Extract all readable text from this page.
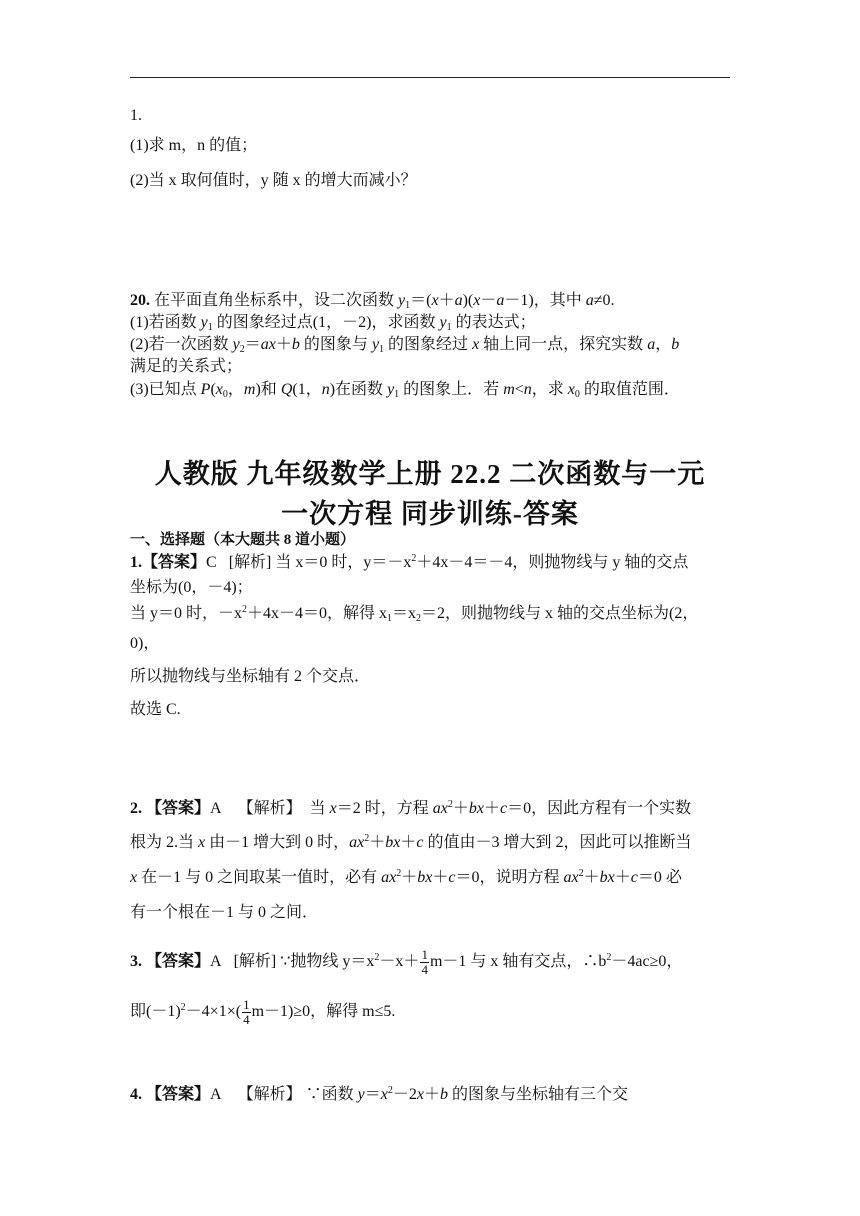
1.
(1)求 m，n 的值；
(2)当 x 取何值时，y 随 x 的增大而减小？
20. 在平面直角坐标系中，设二次函数 $y_1=(x+a)(x-a-1)$，其中 a≠0.
(1)若函数 $y_1$ 的图象经过点(1，－2)，求函数 $y_1$ 的表达式；
(2)若一次函数 $y_2=ax+b$ 的图象与 $y_1$ 的图象经过 x 轴上同一点，探究实数 a，b
满足的关系式；
(3)已知点 $P(x_0$，m)和 Q(1，n)在函数 $y_1$ 的图象上．若 m<n，求 $x_0$ 的取值范围．
人教版 九年级数学上册 22.2 二次函数与一元
一次方程 同步训练-答案
一、选择题（本大题共 8 道小题）
1.【答案】C   [解析] 当 x＝0 时，$y=-x^2+4x-4=-4$，则抛物线与 y 轴的交点
坐标为(0，－4)；
当 y＝0 时，$-x^2+4x-4=0$，解得 $x_1=x_2=2$，则抛物线与 x 轴的交点坐标为(2，
0)，
所以抛物线与坐标轴有 2 个交点．
故选 C.
2. 【答案】A    【解析】  当 x＝2 时，方程 $ax^2+bx+c=0$，因此方程有一个实数
根为 2.当 x 由－1 增大到 0 时，$ax^2+bx+c$ 的值由－3 增大到 2，因此可以推断当
x 在－1 与 0 之间取某一值时，必有 $ax^2+bx+c=0$，说明方程 $ax^2+bx+c=0$ 必
有一个根在－1 与 0 之间．
3. 【答案】A   [解析] ∵抛物线 $y=x^2-x+ \frac{1}{4} m-1$ 与 x 轴有交点，$\therefore b^2-4ac\ge 0$，
即$(-1)^2-4\times 1\times( \frac{1}{4} m-1)\ge 0$，解得 m≤5.
4. 【答案】A    【解析】 ∵函数 $y=x^2-2x+b$ 的图象与坐标轴有三个交
